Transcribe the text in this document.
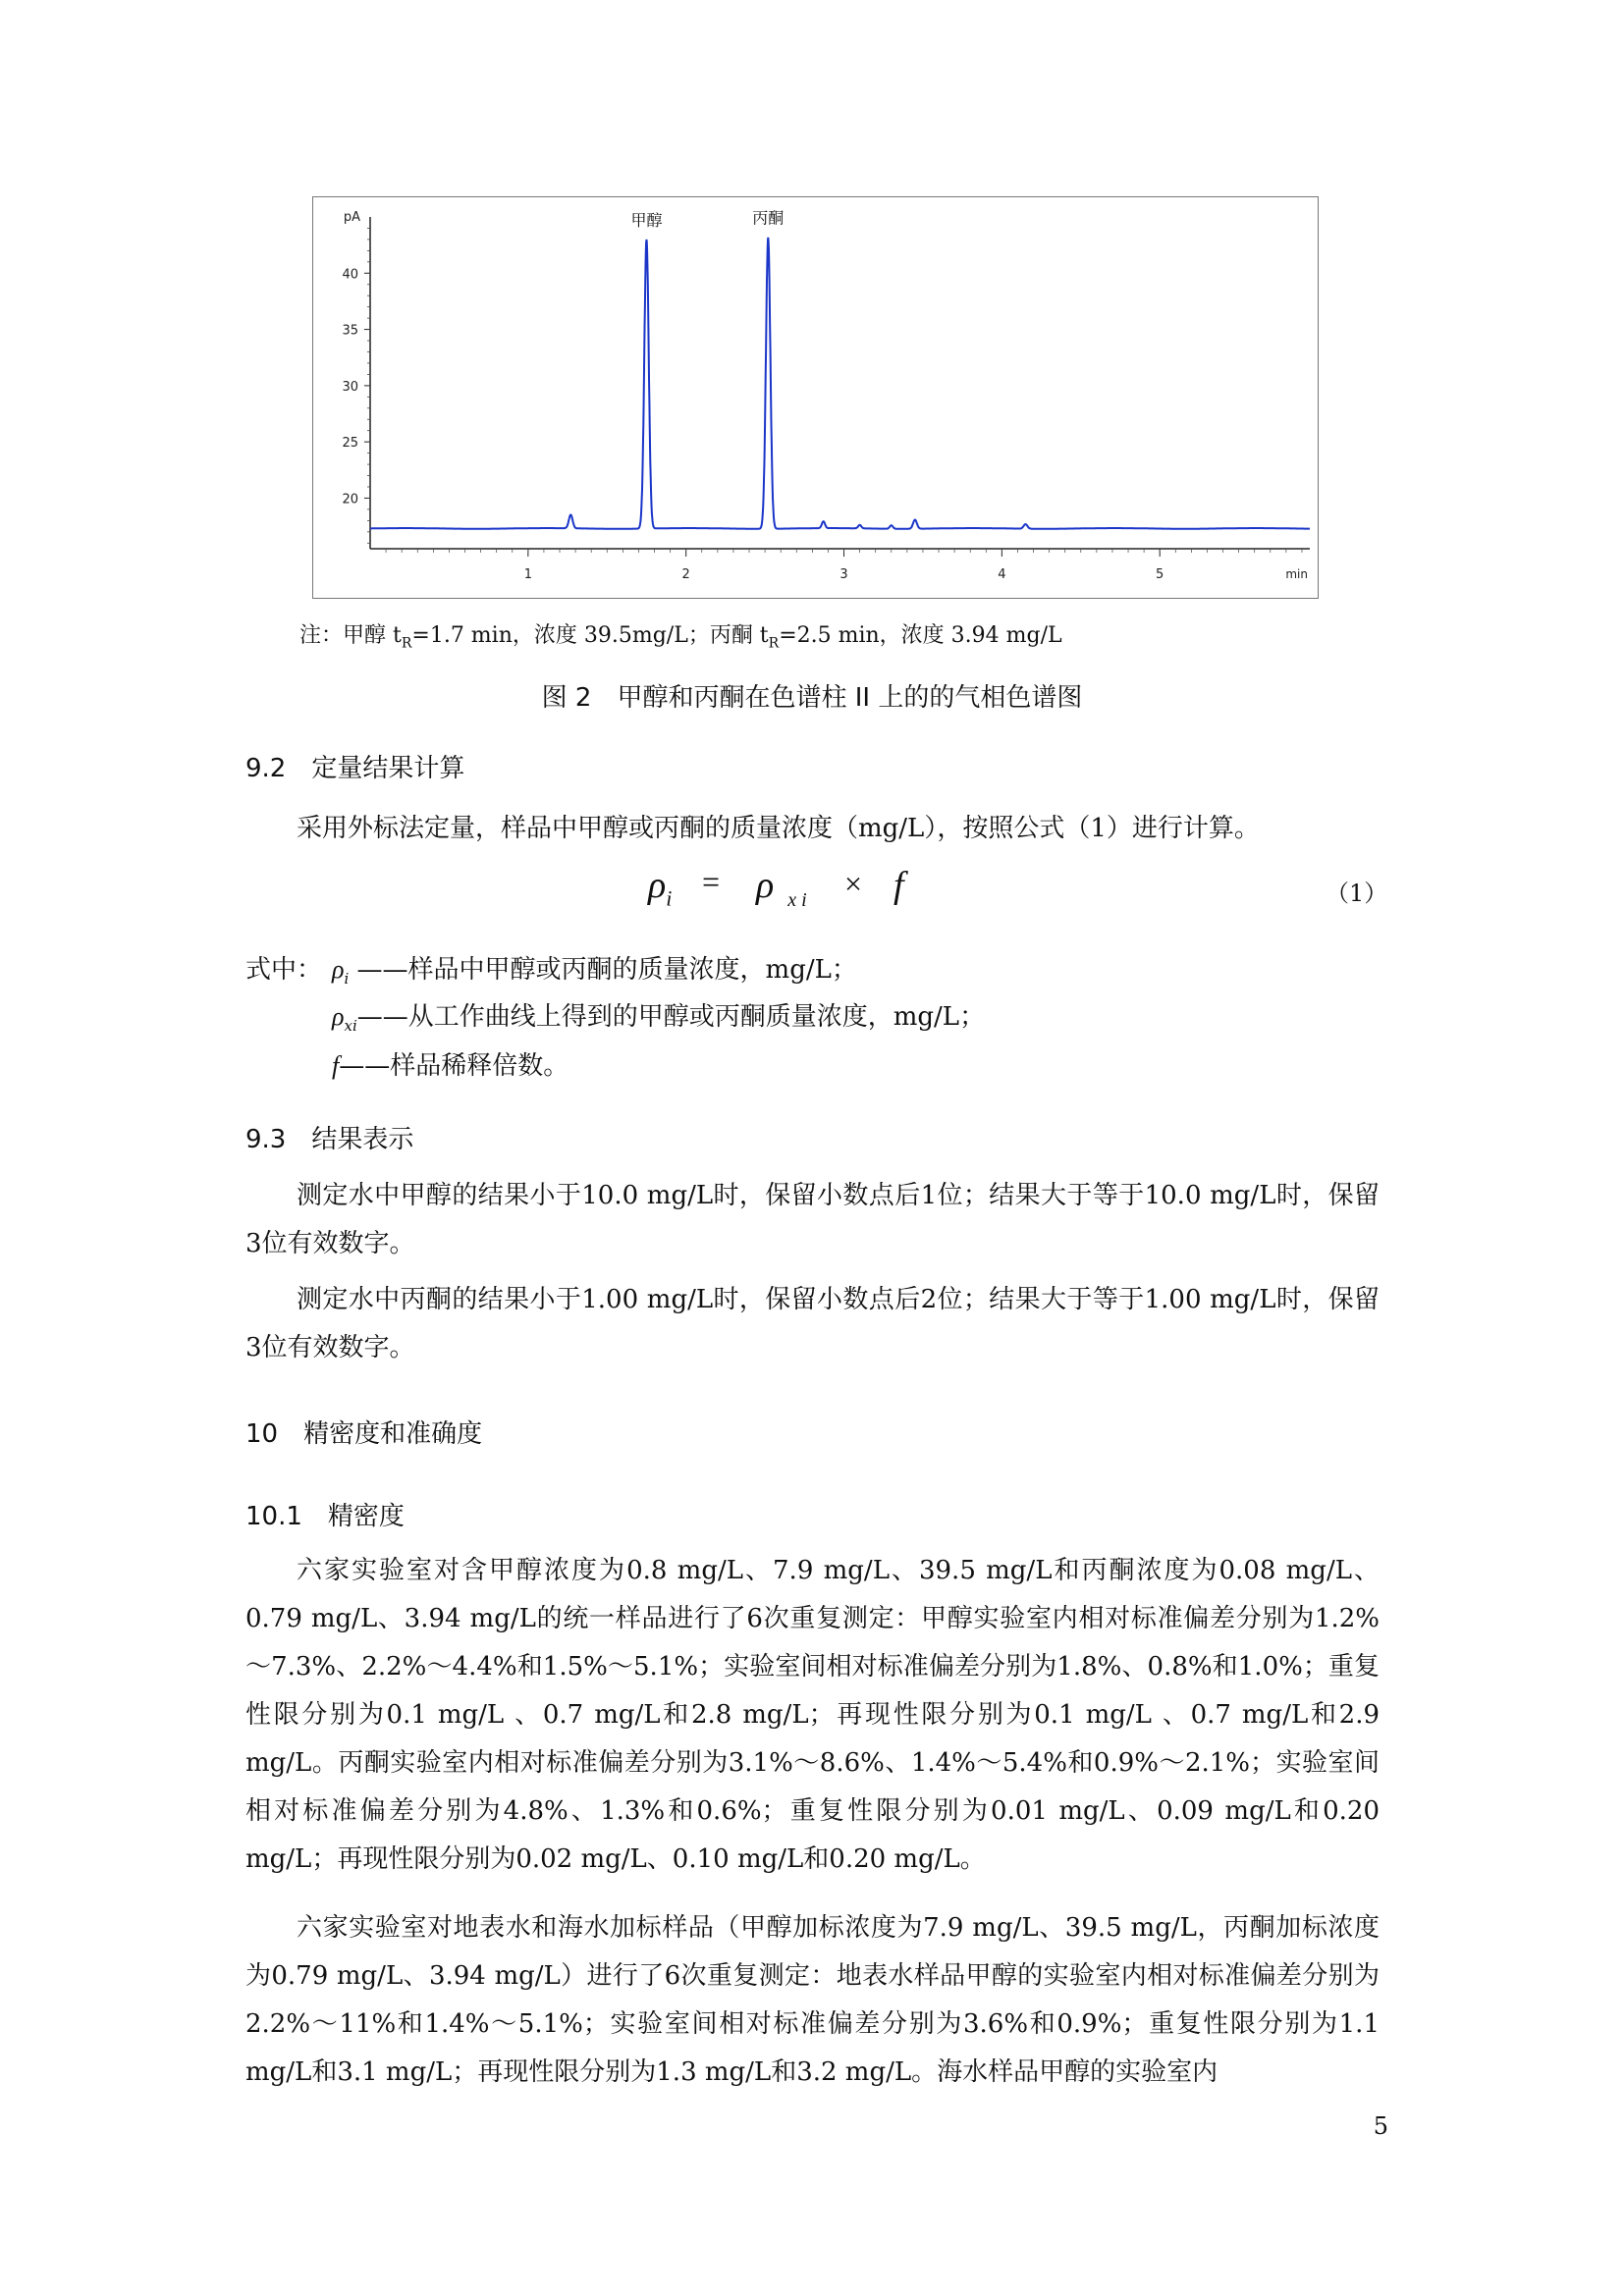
20
25
30
35
40
pA
1	2	3	4	5	min
甲醇	丙酮
注：甲醇 $t_R=1.7$ min，浓度 39.5mg/L；丙酮 $t_R=2.5$ min，浓度 3.94 mg/L
图 2　甲醇和丙酮在色谱柱 II 上的的气相色谱图
9.2　定量结果计算
采用外标法定量，样品中甲醇或丙酮的质量浓度（mg/L），按照公式（1）进行计算。
$\rho_i = \rho$ $_{x i}$ × f	（1）
式中： $\rho_i$ ——样品中甲醇或丙酮的质量浓度，mg/L；
$\rho_{xi}——$从工作曲线上得到的甲醇或丙酮质量浓度，mg/L；
f——样品稀释倍数。
9.3　结果表示
测定水中甲醇的结果小于10.0 mg/L时，保留小数点后1位；结果大于等于10.0 mg/L时，保留3位有效数字。
测定水中丙酮的结果小于1.00 mg/L时，保留小数点后2位；结果大于等于1.00 mg/L时，保留3位有效数字。
10　精密度和准确度
10.1　精密度
六家实验室对含甲醇浓度为0.8 mg/L、7.9 mg/L、39.5 mg/L和丙酮浓度为0.08 mg/L、0.79 mg/L、3.94 mg/L的统一样品进行了6次重复测定：甲醇实验室内相对标准偏差分别为1.2%～7.3%、2.2%～4.4%和1.5%～5.1%；实验室间相对标准偏差分别为1.8%、0.8%和1.0%；重复性限分别为0.1 mg/L 、0.7 mg/L和2.8 mg/L；再现性限分别为0.1 mg/L 、0.7 mg/L和2.9 mg/L。丙酮实验室内相对标准偏差分别为3.1%～8.6%、1.4%～5.4%和0.9%～2.1%；实验室间相对标准偏差分别为4.8%、1.3%和0.6%；重复性限分别为0.01 mg/L、0.09 mg/L和0.20 mg/L；再现性限分别为0.02 mg/L、0.10 mg/L和0.20 mg/L。
六家实验室对地表水和海水加标样品（甲醇加标浓度为7.9 mg/L、39.5 mg/L，丙酮加标浓度为0.79 mg/L、3.94 mg/L）进行了6次重复测定：地表水样品甲醇的实验室内相对标准偏差分别为2.2%～11%和1.4%～5.1%；实验室间相对标准偏差分别为3.6%和0.9%；重复性限分别为1.1 mg/L和3.1 mg/L；再现性限分别为1.3 mg/L和3.2 mg/L。海水样品甲醇的实验室内
5
